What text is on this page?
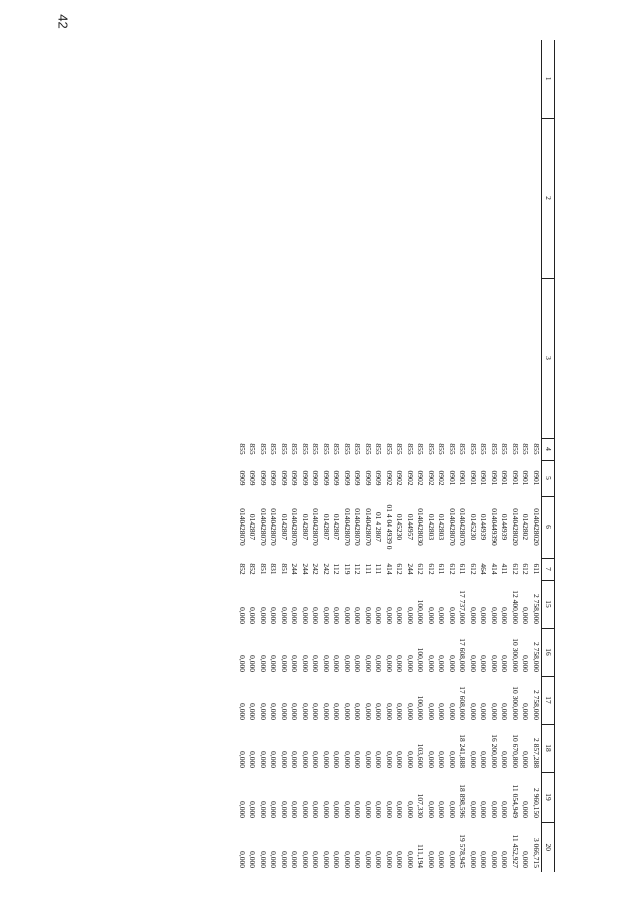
42
1	2	3	4	5	6	7	15	16	17	18	19	20
			855	0901	0140428020	611	2 758,000	2 758,000	2 758,000	2 857,288	2 960,150	3 066,715
			855	0901	0142802	612	0,000	0,000	0,000	0,000	0,000	0,000
			855	0901	0140428020	612	12 400,000	10 300,000	10 300,000	10 670,800	11 054,949	11 452,927
			855	0901	0144939	411	0,000	0,000	0,000	0,000	0,000	0,000
			855	0901	0140449390	414	0,000	0,000	0,000	16 200,000	0,000	0,000
			855	0901	0144939	464	0,000	0,000	0,000	0,000	0,000	0,000
			855	0901	0145230	612	0,000	0,000	0,000	0,000	0,000	0,000
			855	0901	0140428070	611	17 737,000	17 608,000	17 608,000	18 241,888	18 898,596	19 578,945
			855	0901	0140428070	612	0,000	0,000	0,000	0,000	0,000	0,000
			855	0902	0142803	611	0,000	0,000	0,000	0,000	0,000	0,000
			855	0902	0142803	612	0,000	0,000	0,000	0,000	0,000	0,000
			855	0902	0140428030	612	100,000	100,000	100,000	103,600	107,330	111,194
			855	0902	0144957	244	0,000	0,000	0,000	0,000	0,000	0,000
			855	0902	0145230	612	0,000	0,000	0,000	0,000	0,000	0,000
			855	0902	01 4 04 4939 0	414	0,000	0,000	0,000	0,000	0,000	0,000
			855	0909	01 4 2807	111	0,000	0,000	0,000	0,000	0,000	0,000
			855	0909	0140428070	111	0,000	0,000	0,000	0,000	0,000	0,000
			855	0909	0140428070	112	0,000	0,000	0,000	0,000	0,000	0,000
			855	0909	0140428070	119	0,000	0,000	0,000	0,000	0,000	0,000
			855	0909	0142807	112	0,000	0,000	0,000	0,000	0,000	0,000
			855	0909	0142807	242	0,000	0,000	0,000	0,000	0,000	0,000
			855	0909	0140428070	242	0,000	0,000	0,000	0,000	0,000	0,000
			855	0909	0142807	244	0,000	0,000	0,000	0,000	0,000	0,000
			855	0909	0140428070	244	0,000	0,000	0,000	0,000	0,000	0,000
			855	0909	0142807	851	0,000	0,000	0,000	0,000	0,000	0,000
			855	0909	0140428070	831	0,000	0,000	0,000	0,000	0,000	0,000
			855	0909	0140428070	851	0,000	0,000	0,000	0,000	0,000	0,000
			855	0909	0142807	852	0,000	0,000	0,000	0,000	0,000	0,000
			855	0909	0140428070	852	0,000	0,000	0,000	0,000	0,000	0,000
